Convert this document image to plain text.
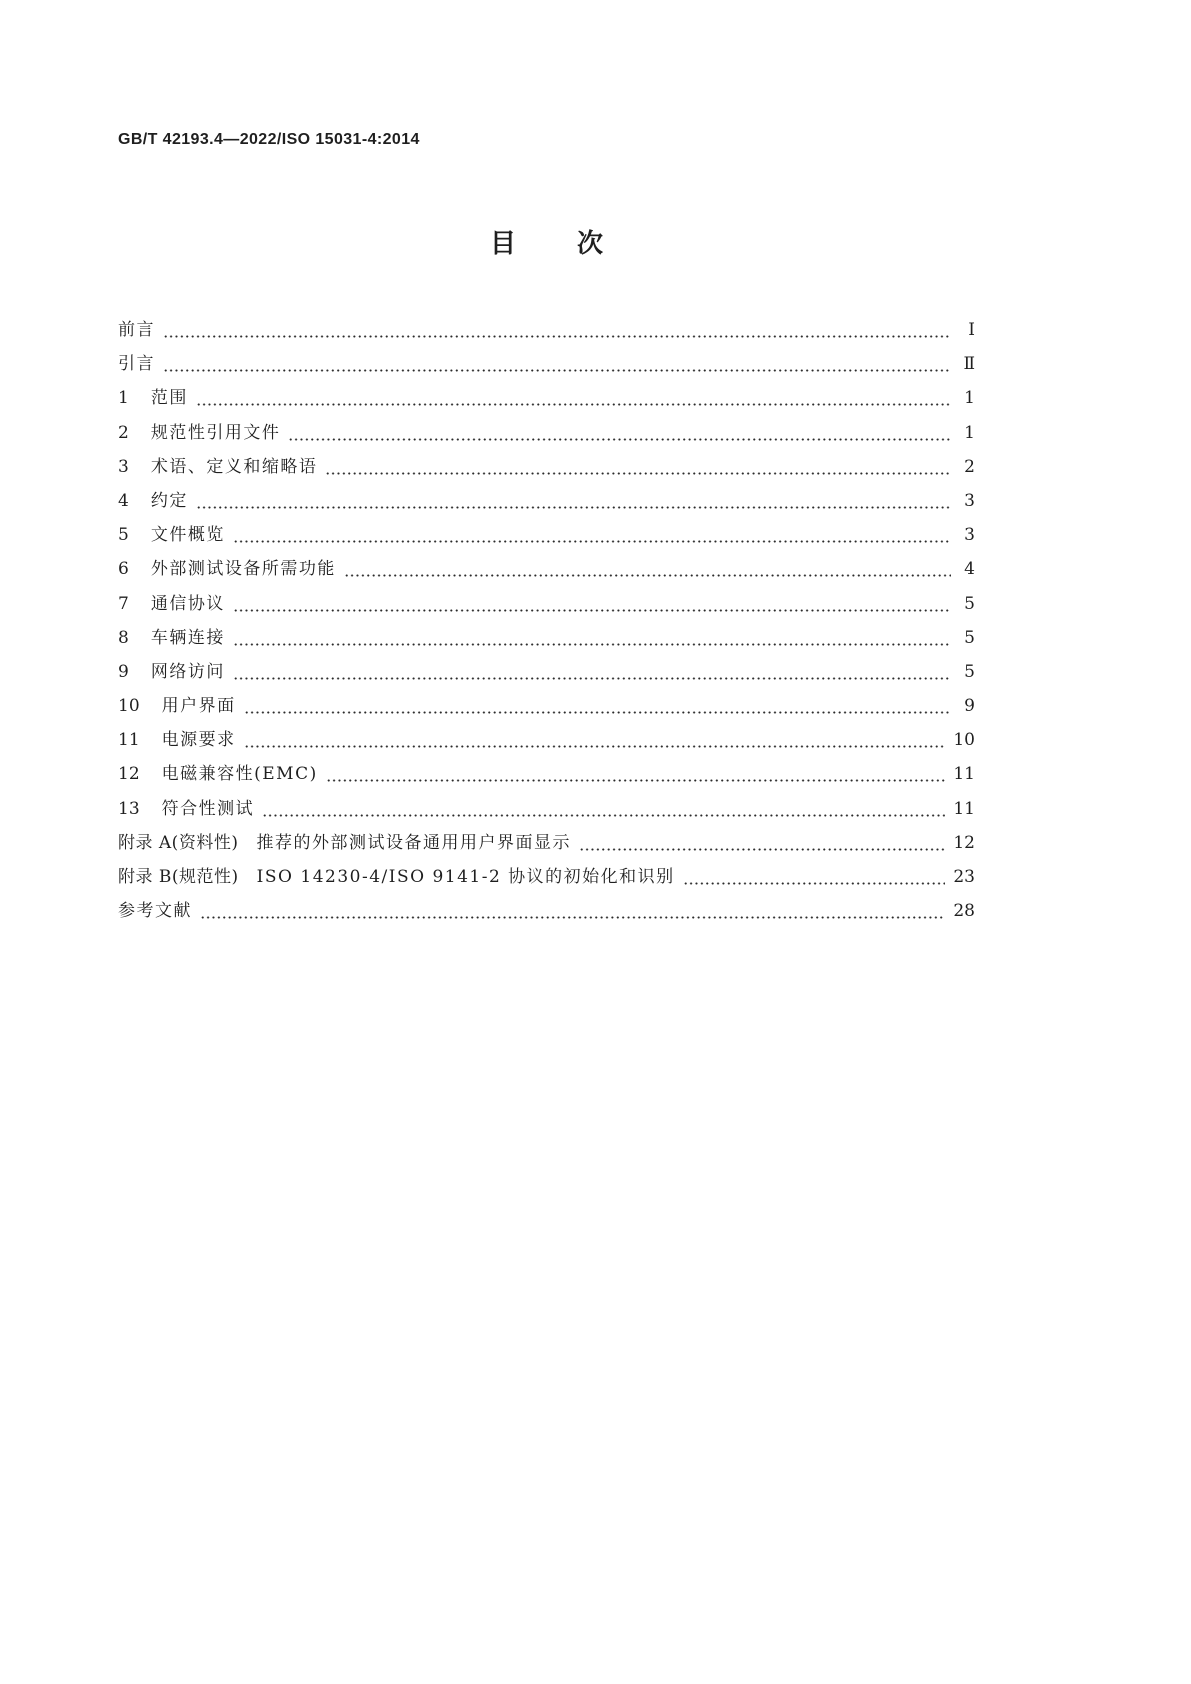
GB/T 42193.4—2022/ISO 15031-4:2014
目 次
前言	Ⅰ
引言	Ⅱ
1 范围	1
2 规范性引用文件	1
3 术语、定义和缩略语	2
4 约定	3
5 文件概览	3
6 外部测试设备所需功能	4
7 通信协议	5
8 车辆连接	5
9 网络访问	5
10 用户界面	9
11 电源要求	10
12 电磁兼容性(EMC)	11
13 符合性测试	11
附录 A(资料性) 推荐的外部测试设备通用用户界面显示	12
附录 B(规范性) ISO 14230-4/ISO 9141-2 协议的初始化和识别	23
参考文献	28
